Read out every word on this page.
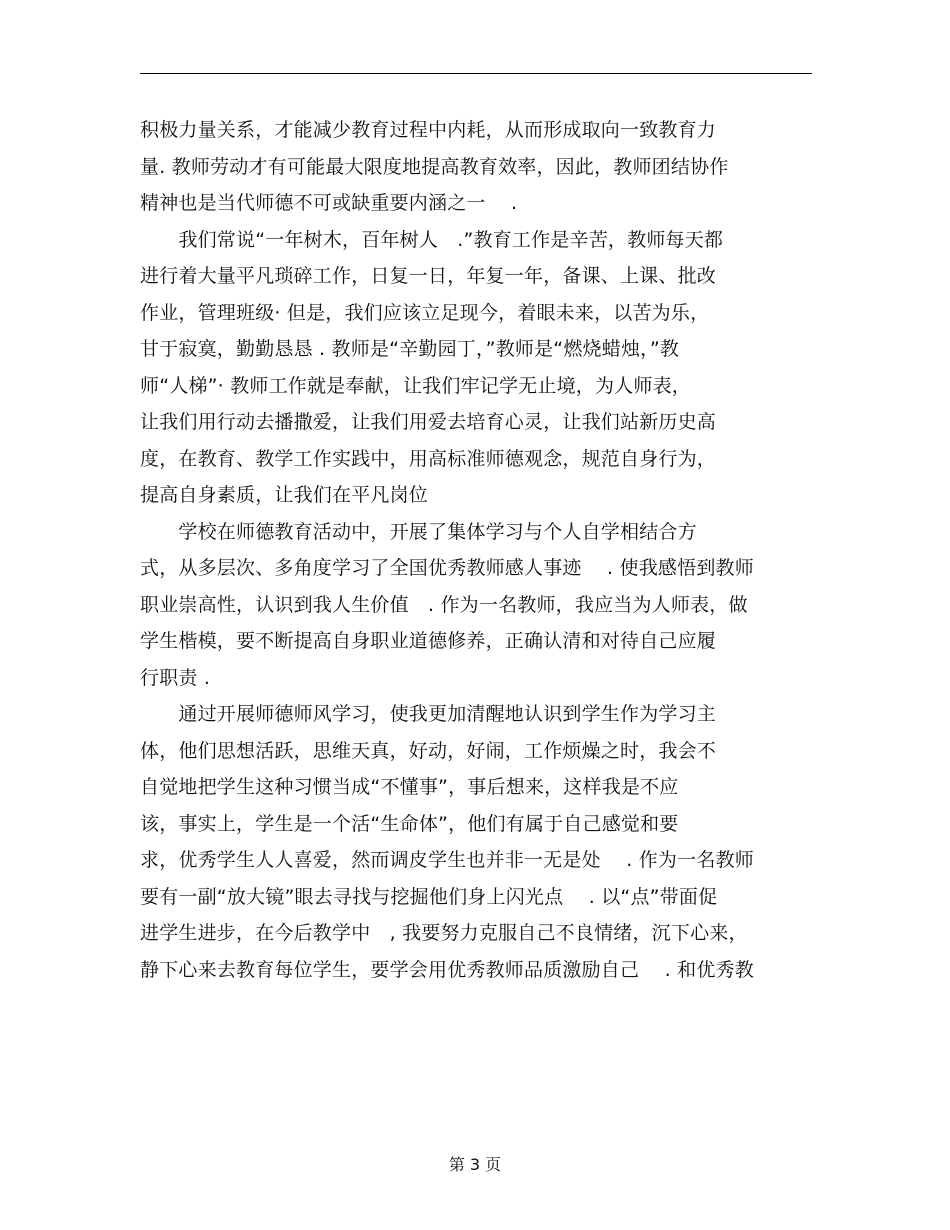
积极力量关系，才能减少教育过程中内耗，从而形成取向一致教育力
量. 教师劳动才有可能最大限度地提高教育效率，因此，教师团结协作
精神也是当代师德不可或缺重要内涵之一　 .
　　我们常说“一年树木，百年树人　.”教育工作是辛苦，教师每天都
进行着大量平凡琐碎工作，日复一日，年复一年，备课、上课、批改
作业，管理班级· 但是，我们应该立足现今，着眼未来，以苦为乐，
甘于寂寞，勤勤恳恳 . 教师是“辛勤园丁，”教师是“燃烧蜡烛，”教
师“人梯”· 教师工作就是奉献，让我们牢记学无止境，为人师表，
让我们用行动去播撒爱，让我们用爱去培育心灵，让我们站新历史高
度，在教育、教学工作实践中，用高标准师德观念，规范自身行为，
提高自身素质，让我们在平凡岗位
　　学校在师德教育活动中，开展了集体学习与个人自学相结合方
式，从多层次、多角度学习了全国优秀教师感人事迹　 . 使我感悟到教师
职业崇高性，认识到我人生价值　. 作为一名教师，我应当为人师表，做
学生楷模，要不断提高自身职业道德修养，正确认清和对待自己应履
行职责 .
　　通过开展师德师风学习，使我更加清醒地认识到学生作为学习主
体，他们思想活跃，思维天真，好动，好闹，工作烦燥之时，我会不
自觉地把学生这种习惯当成“不懂事”，事后想来，这样我是不应
该，事实上，学生是一个活“生命体”，他们有属于自己感觉和要
求，优秀学生人人喜爱，然而调皮学生也并非一无是处　 . 作为一名教师
要有一副“放大镜”眼去寻找与挖掘他们身上闪光点　 . 以“点”带面促
进学生进步，在今后教学中　, 我要努力克服自己不良情绪，沉下心来，
静下心来去教育每位学生，要学会用优秀教师品质激励自己　 . 和优秀教
第 3 页
